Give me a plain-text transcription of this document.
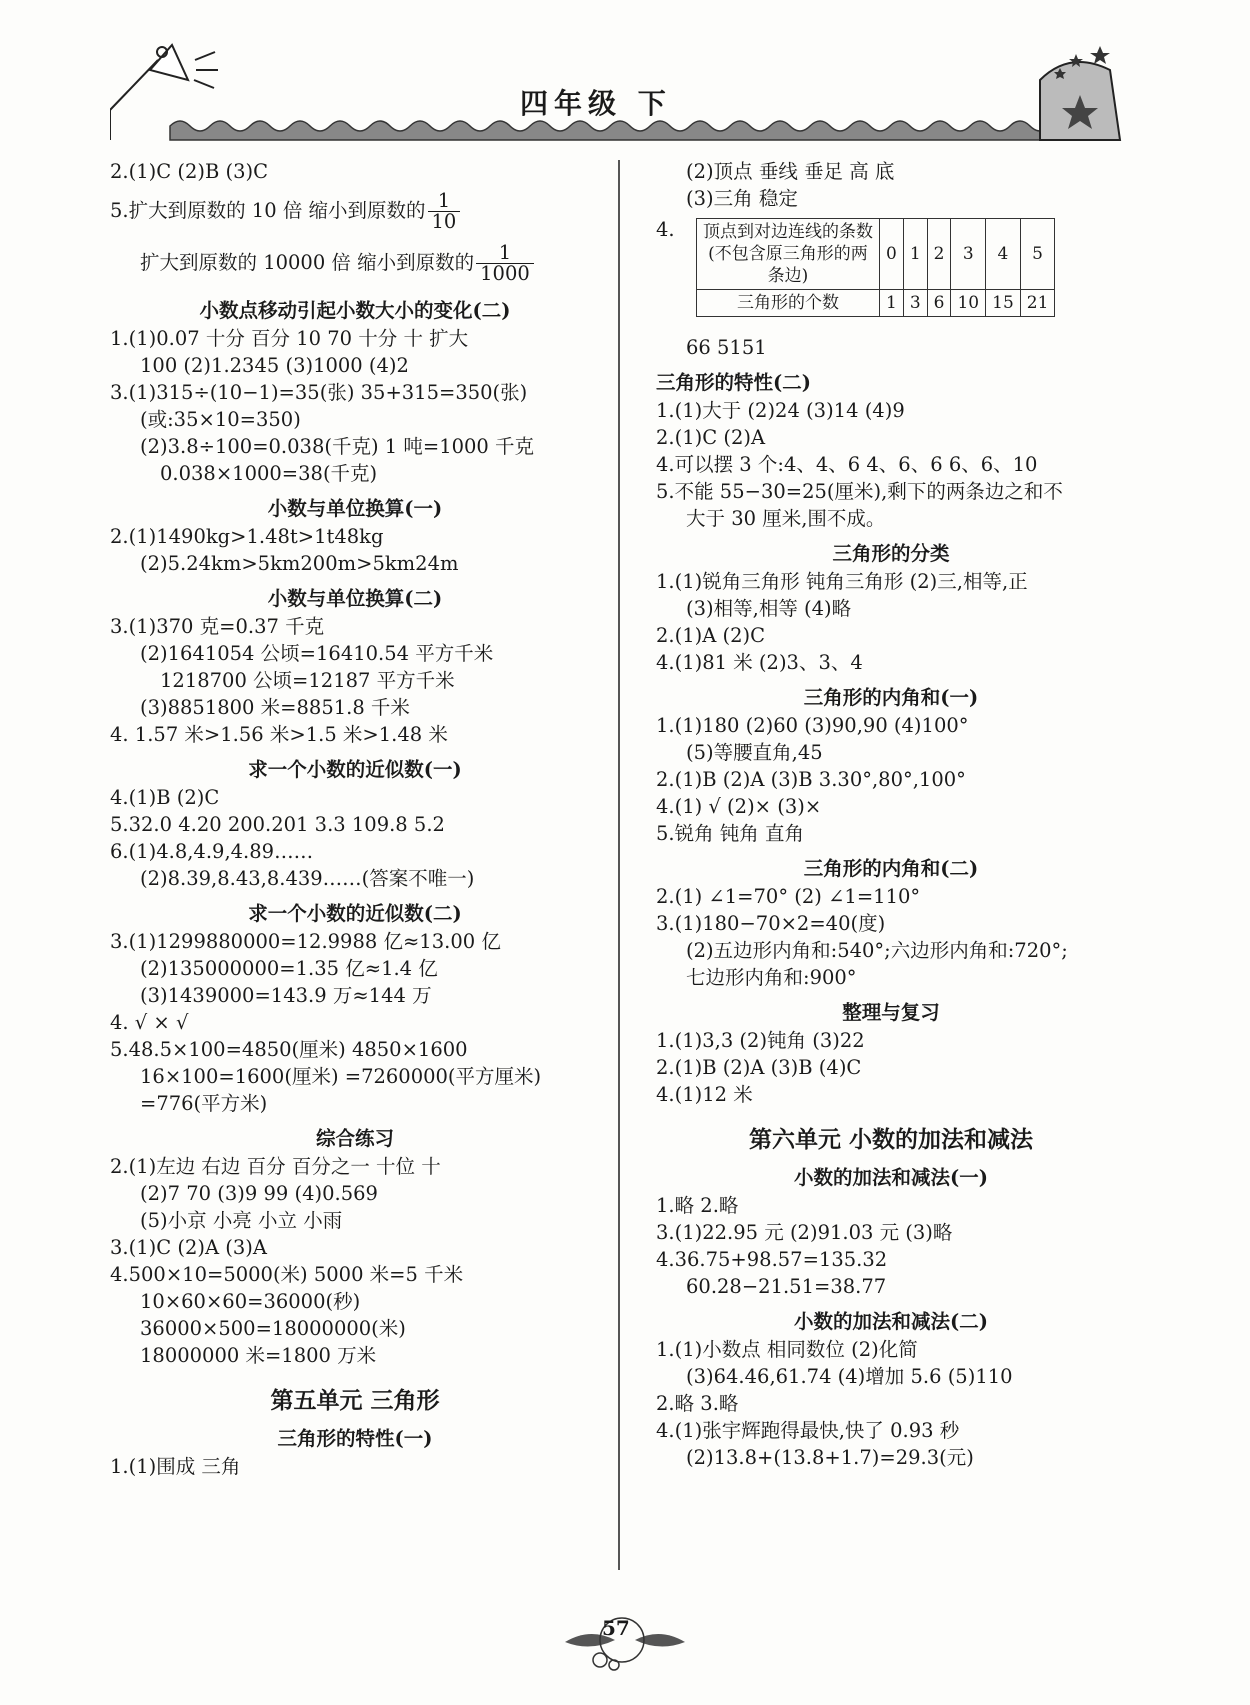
四年级 下
2.(1)C (2)B (3)C
5.扩大到原数的 10 倍 缩小到原数的 $\frac{1}{10}$
扩大到原数的 10000 倍 缩小到原数的 $\frac{1}{1000}$
小数点移动引起小数大小的变化(二)
1.(1)0.07 十分 百分 10 70 十分 十 扩大
100 (2)1.2345 (3)1000 (4)2
3.(1)315÷(10−1)=35(张) 35+315=350(张)
(或:35×10=350)
(2)3.8÷100=0.038(千克) 1 吨=1000 千克
0.038×1000=38(千克)
小数与单位换算(一)
2.(1)1490kg>1.48t>1t48kg
(2)5.24km>5km200m>5km24m
小数与单位换算(二)
3.(1)370 克=0.37 千克
(2)1641054 公顷=16410.54 平方千米
1218700 公顷=12187 平方千米
(3)8851800 米=8851.8 千米
4. 1.57 米>1.56 米>1.5 米>1.48 米
求一个小数的近似数(一)
4.(1)B (2)C
5.32.0 4.20 200.201 3.3 109.8 5.2
6.(1)4.8,4.9,4.89……
(2)8.39,8.43,8.439……(答案不唯一)
求一个小数的近似数(二)
3.(1)1299880000=12.9988 亿≈13.00 亿
(2)135000000=1.35 亿≈1.4 亿
(3)1439000=143.9 万≈144 万
4. √ × √
5.48.5×100=4850(厘米) 4850×1600
16×100=1600(厘米) =7260000(平方厘米)
=776(平方米)
综合练习
2.(1)左边 右边 百分 百分之一 十位 十
(2)7 70 (3)9 99 (4)0.569
(5)小京 小亮 小立 小雨
3.(1)C (2)A (3)A
4.500×10=5000(米) 5000 米=5 千米
10×60×60=36000(秒)
36000×500=18000000(米)
18000000 米=1800 万米
第五单元 三角形
三角形的特性(一)
1.(1)围成 三角
(2)顶点 垂线 垂足 高 底
(3)三角 稳定
4. 顶点到对边连线的条数(不包含原三角形的两条边)	0	1	2	3	4	5
三角形的个数	1	3	6	10	15	21
66 5151
三角形的特性(二)
1.(1)大于 (2)24 (3)14 (4)9
2.(1)C (2)A
4.可以摆 3 个:4、4、6 4、6、6 6、6、10
5.不能 55−30=25(厘米),剩下的两条边之和不
大于 30 厘米,围不成。
三角形的分类
1.(1)锐角三角形 钝角三角形 (2)三,相等,正
(3)相等,相等 (4)略
2.(1)A (2)C
4.(1)81 米 (2)3、3、4
三角形的内角和(一)
1.(1)180 (2)60 (3)90,90 (4)100°
(5)等腰直角,45
2.(1)B (2)A (3)B 3.30°,80°,100°
4.(1) √ (2)× (3)×
5.锐角 钝角 直角
三角形的内角和(二)
2.(1) ∠1=70° (2) ∠1=110°
3.(1)180−70×2=40(度)
(2)五边形内角和:540°;六边形内角和:720°;
七边形内角和:900°
整理与复习
1.(1)3,3 (2)钝角 (3)22
2.(1)B (2)A (3)B (4)C
4.(1)12 米
第六单元 小数的加法和减法
小数的加法和减法(一)
1.略 2.略
3.(1)22.95 元 (2)91.03 元 (3)略
4.36.75+98.57=135.32
60.28−21.51=38.77
小数的加法和减法(二)
1.(1)小数点 相同数位 (2)化简
(3)64.46,61.74 (4)增加 5.6 (5)110
2.略 3.略
4.(1)张宇辉跑得最快,快了 0.93 秒
(2)13.8+(13.8+1.7)=29.3(元)
57
